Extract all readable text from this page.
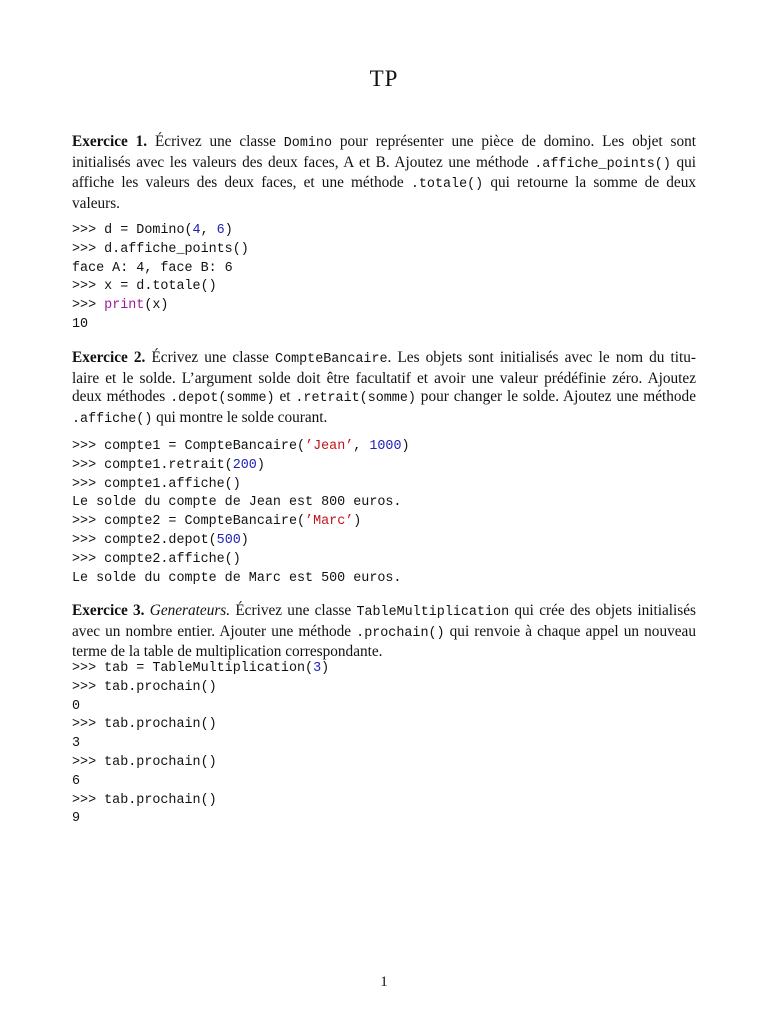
TP

Exercice 1. Écrivez une classe Domino pour représenter une pièce de domino. Les objet sont
initialisés avec les valeurs des deux faces, A et B. Ajoutez une méthode .affiche_points() qui
affiche les valeurs des deux faces, et une méthode .totale() qui retourne la somme de deux
valeurs.

>>> d = Domino(4, 6)
>>> d.affiche_points()
face A: 4, face B: 6
>>> x = d.totale()
>>> print(x)
10

Exercice 2. Écrivez une classe CompteBancaire. Les objets sont initialisés avec le nom du titu-
laire et le solde. L’argument solde doit être facultatif et avoir une valeur prédéfinie zéro. Ajoutez
deux méthodes .depot(somme) et .retrait(somme) pour changer le solde. Ajoutez une méthode
.affiche() qui montre le solde courant.

>>> compte1 = CompteBancaire(’Jean’, 1000)
>>> compte1.retrait(200)
>>> compte1.affiche()
Le solde du compte de Jean est 800 euros.
>>> compte2 = CompteBancaire(’Marc’)
>>> compte2.depot(500)
>>> compte2.affiche()
Le solde du compte de Marc est 500 euros.

Exercice 3. Generateurs. Écrivez une classe TableMultiplication qui crée des objets initialisés
avec un nombre entier. Ajouter une méthode .prochain() qui renvoie à chaque appel un nouveau
terme de la table de multiplication correspondante.

>>> tab = TableMultiplication(3)
>>> tab.prochain()
0
>>> tab.prochain()
3
>>> tab.prochain()
6
>>> tab.prochain()
9
1
